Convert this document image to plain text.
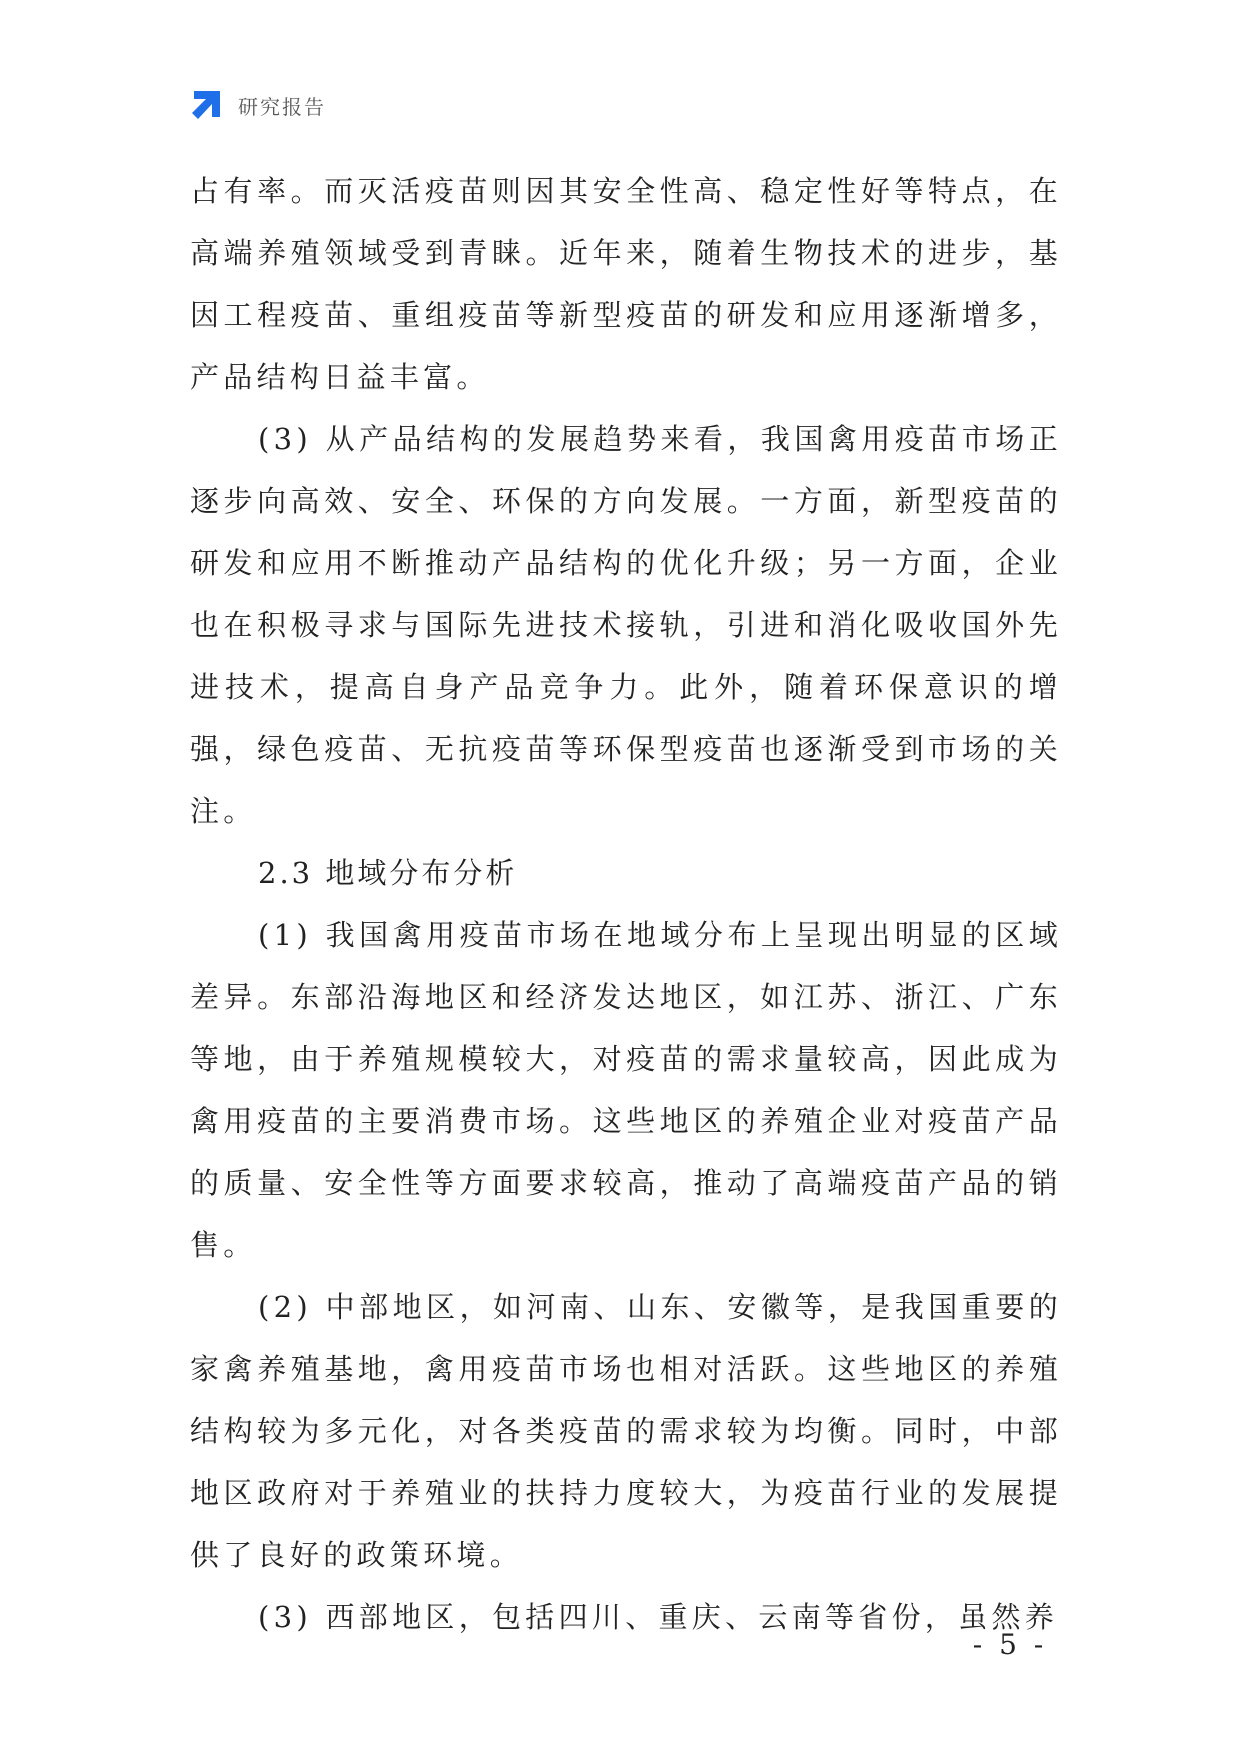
研究报告

占有率。而灭活疫苗则因其安全性高、稳定性好等特点，在高端养殖领域受到青睐。近年来，随着生物技术的进步，基因工程疫苗、重组疫苗等新型疫苗的研发和应用逐渐增多，产品结构日益丰富。

(3) 从产品结构的发展趋势来看，我国禽用疫苗市场正逐步向高效、安全、环保的方向发展。一方面，新型疫苗的研发和应用不断推动产品结构的优化升级；另一方面，企业也在积极寻求与国际先进技术接轨，引进和消化吸收国外先进技术，提高自身产品竞争力。此外，随着环保意识的增强，绿色疫苗、无抗疫苗等环保型疫苗也逐渐受到市场的关注。

2.3 地域分布分析

(1) 我国禽用疫苗市场在地域分布上呈现出明显的区域差异。东部沿海地区和经济发达地区，如江苏、浙江、广东等地，由于养殖规模较大，对疫苗的需求量较高，因此成为禽用疫苗的主要消费市场。这些地区的养殖企业对疫苗产品的质量、安全性等方面要求较高，推动了高端疫苗产品的销售。

(2) 中部地区，如河南、山东、安徽等，是我国重要的家禽养殖基地，禽用疫苗市场也相对活跃。这些地区的养殖结构较为多元化，对各类疫苗的需求较为均衡。同时，中部地区政府对于养殖业的扶持力度较大，为疫苗行业的发展提供了良好的政策环境。

(3) 西部地区，包括四川、重庆、云南等省份，虽然养

- 5 -
